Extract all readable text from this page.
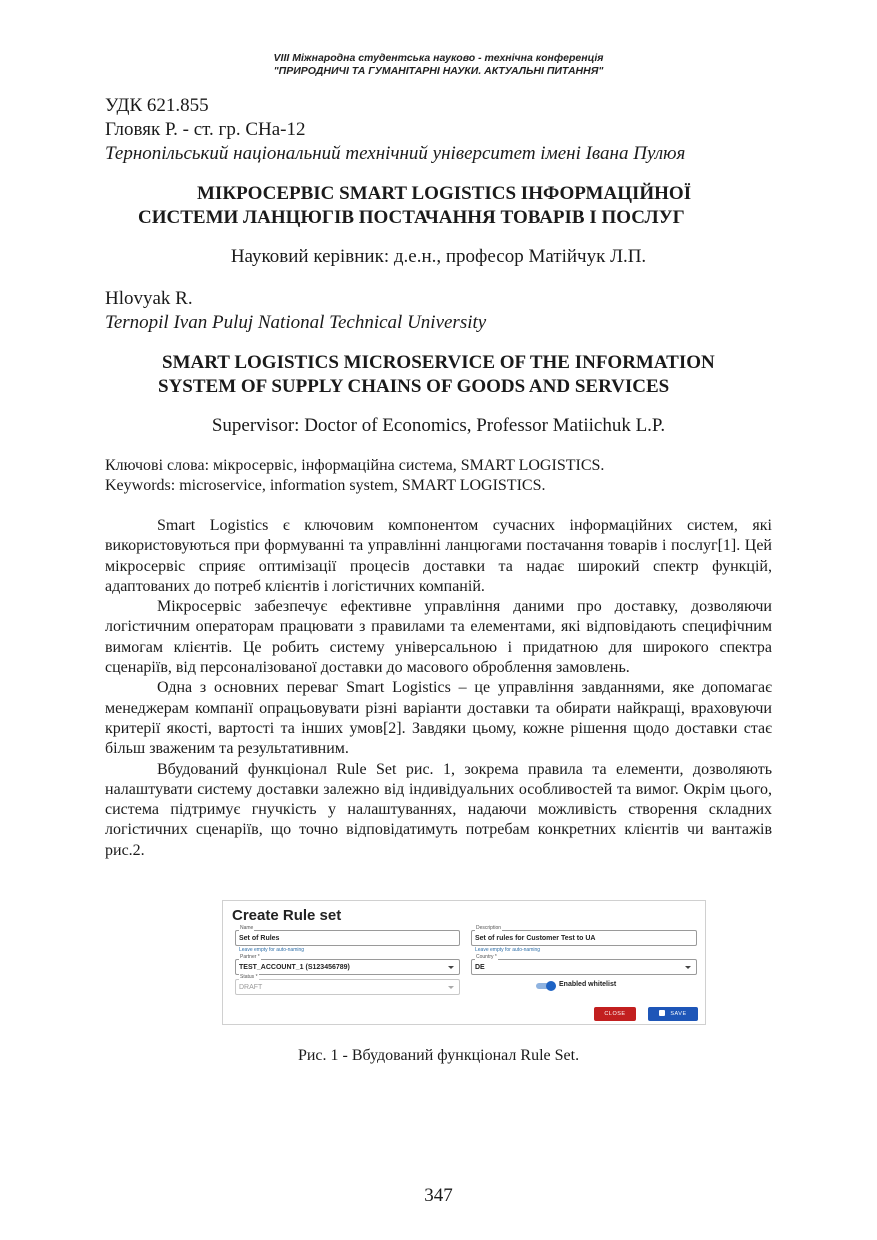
VIII Міжнародна студентська науково - технічна конференція
"ПРИРОДНИЧІ ТА ГУМАНІТАРНІ НАУКИ. АКТУАЛЬНІ ПИТАННЯ"
УДК 621.855
Гловяк Р. - ст. гр. СНа-12
Тернопільський національний технічний університет імені Івана Пулюя
МІКРОСЕРВІС SMART LOGISTICS ІНФОРМАЦІЙНОЇ
СИСТЕМИ ЛАНЦЮГІВ ПОСТАЧАННЯ ТОВАРІВ І ПОСЛУГ
Науковий керівник: д.е.н., професор Матійчук Л.П.
Hlovyak R.
Ternopil Ivan Puluj National Technical University
SMART LOGISTICS MICROSERVICE OF THE INFORMATION
SYSTEM OF SUPPLY CHAINS OF GOODS AND SERVICES
Supervisor: Doctor of Economics, Professor Matiichuk L.P.
Ключові слова: мікросервіс, інформаційна система, SMART LOGISTICS.
Keywords: microservice, information system, SMART LOGISTICS.

Smart Logistics є ключовим компонентом сучасних інформаційних систем, які використовуються при формуванні та управлінні ланцюгами постачання товарів і послуг[1]. Цей мікросервіс сприяє оптимізації процесів доставки та надає широкий спектр функцій, адаптованих до потреб клієнтів і логістичних компаній.

Мікросервіс забезпечує ефективне управління даними про доставку, дозволяючи логістичним операторам працювати з правилами та елементами, які відповідають специфічним вимогам клієнтів. Це робить систему універсальною і придатною для широкого спектра сценаріїв, від персоналізованої доставки до масового оброблення замовлень.

Одна з основних переваг Smart Logistics – це управління завданнями, яке допомагає менеджерам компанії опрацьовувати різні варіанти доставки та обирати найкращі, враховуючи критерії якості, вартості та інших умов[2]. Завдяки цьому, кожне рішення щодо доставки стає більш зваженим та результативним.

Вбудований функціонал Rule Set рис. 1, зокрема правила та елементи, дозволяють налаштувати систему доставки залежно від індивідуальних особливостей та вимог. Окрім цього, система підтримує гнучкість у налаштуваннях, надаючи можливість створення складних логістичних сценаріїв, що точно відповідатимуть потребам конкретних клієнтів чи вантажів рис.2.

Create Rule set
Name
Set of Rules
Leave empty for auto-naming
Description
Set of rules for Customer Test to UA
Leave empty for auto-naming
Partner *
TEST_ACCOUNT_1 (S123456789)
Country *
DE
Status *
DRAFT	Enabled whitelist
CLOSE	SAVE
Рис. 1 - Вбудований функціонал Rule Set.
347
